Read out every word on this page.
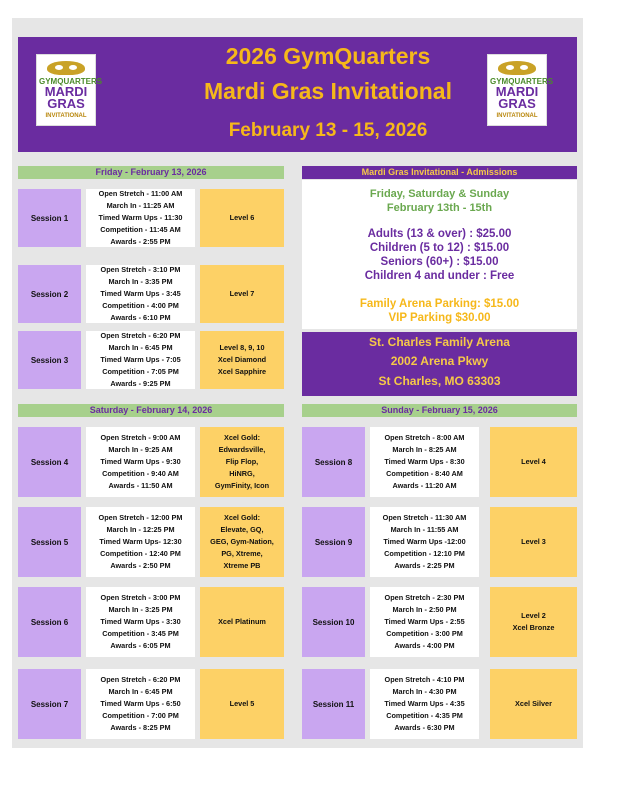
2026 GymQuarters
Mardi Gras Invitational
February 13 - 15, 2026
GYMQUARTERS
MARDI GRAS
INVITATIONAL
GYMQUARTERS
MARDI GRAS
INVITATIONAL
Friday - February 13, 2026
Session 1
Open Stretch - 11:00 AM
March In - 11:25 AM
Timed Warm Ups - 11:30
Competition - 11:45 AM
Awards - 2:55 PM
Level 6
Session 2
Open Stretch - 3:10 PM
March In - 3:35 PM
Timed Warm Ups - 3:45
Competition - 4:00 PM
Awards - 6:10 PM
Level 7
Session 3
Open Stretch - 6:20 PM
March In - 6:45 PM
Timed Warm Ups - 7:05
Competition - 7:05 PM
Awards - 9:25 PM
Level 8, 9, 10
Xcel Diamond
Xcel Sapphire
Mardi Gras Invitational - Admissions
Friday, Saturday & Sunday
February 13th - 15th
Adults (13 & over) : $25.00
Children (5 to 12) : $15.00
Seniors (60+) : $15.00
Children 4 and under : Free
Family Arena Parking: $15.00
VIP Parking $30.00
St. Charles Family Arena
2002 Arena Pkwy
St Charles, MO 63303
Saturday - February 14, 2026
Session 4
Open Stretch - 9:00 AM
March In - 9:25 AM
Timed Warm Ups - 9:30
Competition - 9:40 AM
Awards - 11:50 AM
Xcel Gold:
Edwardsville,
Flip Flop,
HiNRG,
GymFinity, Icon
Session 5
Open Stretch - 12:00 PM
March In - 12:25 PM
Timed Warm Ups- 12:30
Competition - 12:40 PM
Awards - 2:50 PM
Xcel Gold:
Elevate, GQ,
GEG, Gym-Nation,
PG, Xtreme,
Xtreme PB
Session 6
Open Stretch - 3:00 PM
March In - 3:25 PM
Timed Warm Ups - 3:30
Competition - 3:45 PM
Awards - 6:05 PM
Xcel Platinum
Session 7
Open Stretch - 6:20 PM
March In - 6:45 PM
Timed Warm Ups - 6:50
Competition - 7:00 PM
Awards - 8:25 PM
Level 5
Sunday - February 15, 2026
Session 8
Open Stretch - 8:00 AM
March In - 8:25 AM
Timed Warm Ups - 8:30
Competition - 8:40 AM
Awards - 11:20 AM
Level 4
Session 9
Open Stretch - 11:30 AM
March In - 11:55 AM
Timed Warm Ups -12:00
Competition - 12:10 PM
Awards - 2:25 PM
Level 3
Session 10
Open Stretch - 2:30 PM
March In - 2:50 PM
Timed Warm Ups - 2:55
Competition - 3:00 PM
Awards - 4:00 PM
Level 2
Xcel Bronze
Session 11
Open Stretch - 4:10 PM
March In - 4:30 PM
Timed Warm Ups - 4:35
Competition - 4:35 PM
Awards - 6:30 PM
Xcel Silver
